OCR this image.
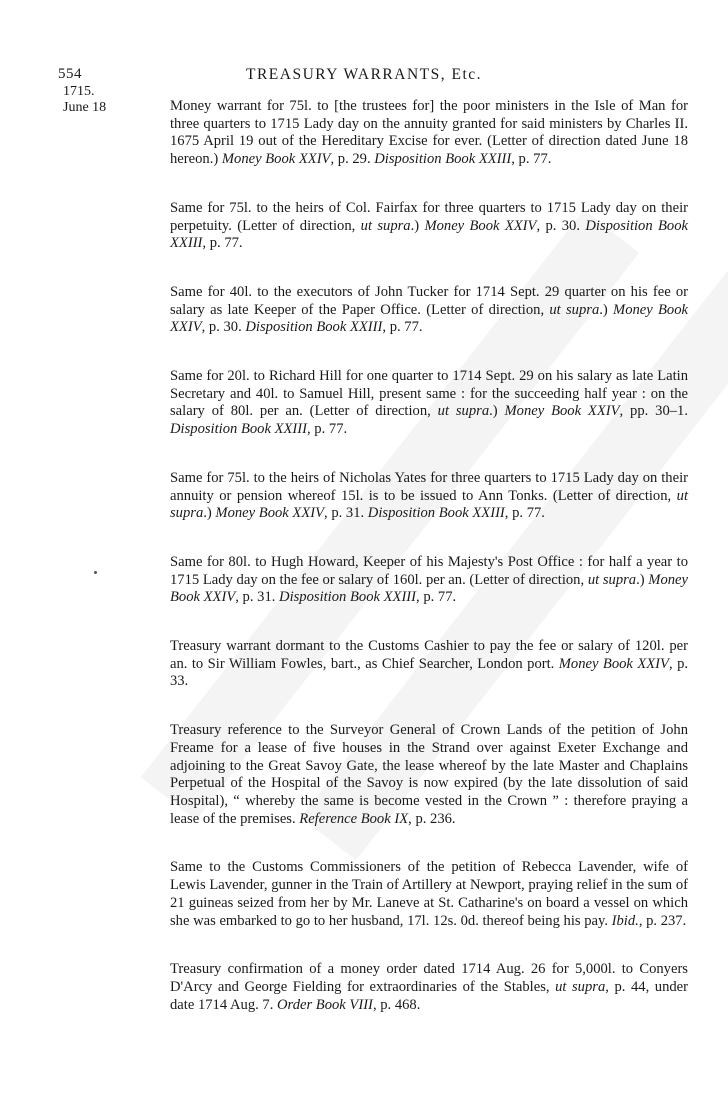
554	TREASURY WARRANTS, Etc.
1715.
June 18	Money warrant for 75l. to [the trustees for] the poor ministers in the Isle of Man for three quarters to 1715 Lady day on the annuity granted for said ministers by Charles II. 1675 April 19 out of the Hereditary Excise for ever. (Letter of direction dated June 18 hereon.) Money Book XXIV, p. 29. Disposition Book XXIII, p. 77.

Same for 75l. to the heirs of Col. Fairfax for three quarters to 1715 Lady day on their perpetuity. (Letter of direction, ut supra.) Money Book XXIV, p. 30. Disposition Book XXIII, p. 77.

Same for 40l. to the executors of John Tucker for 1714 Sept. 29 quarter on his fee or salary as late Keeper of the Paper Office. (Letter of direction, ut supra.) Money Book XXIV, p. 30. Disposition Book XXIII, p. 77.

Same for 20l. to Richard Hill for one quarter to 1714 Sept. 29 on his salary as late Latin Secretary and 40l. to Samuel Hill, present same : for the succeeding half year : on the salary of 80l. per an. (Letter of direction, ut supra.) Money Book XXIV, pp. 30–1. Disposition Book XXIII, p. 77.

Same for 75l. to the heirs of Nicholas Yates for three quarters to 1715 Lady day on their annuity or pension whereof 15l. is to be issued to Ann Tonks. (Letter of direction, ut supra.) Money Book XXIV, p. 31. Disposition Book XXIII, p. 77.

Same for 80l. to Hugh Howard, Keeper of his Majesty's Post Office : for half a year to 1715 Lady day on the fee or salary of 160l. per an. (Letter of direction, ut supra.) Money Book XXIV, p. 31. Disposition Book XXIII, p. 77.

Treasury warrant dormant to the Customs Cashier to pay the fee or salary of 120l. per an. to Sir William Fowles, bart., as Chief Searcher, London port. Money Book XXIV, p. 33.

Treasury reference to the Surveyor General of Crown Lands of the petition of John Freame for a lease of five houses in the Strand over against Exeter Exchange and adjoining to the Great Savoy Gate, the lease whereof by the late Master and Chaplains Perpetual of the Hospital of the Savoy is now expired (by the late dissolution of said Hospital), “ whereby the same is become vested in the Crown ” : therefore praying a lease of the premises. Reference Book IX, p. 236.

Same to the Customs Commissioners of the petition of Rebecca Lavender, wife of Lewis Lavender, gunner in the Train of Artillery at Newport, praying relief in the sum of 21 guineas seized from her by Mr. Laneve at St. Catharine's on board a vessel on which she was embarked to go to her husband, 17l. 12s. 0d. thereof being his pay. Ibid., p. 237.

Treasury confirmation of a money order dated 1714 Aug. 26 for 5,000l. to Conyers D'Arcy and George Fielding for extraordinaries of the Stables, ut supra, p. 44, under date 1714 Aug. 7. Order Book VIII, p. 468.
